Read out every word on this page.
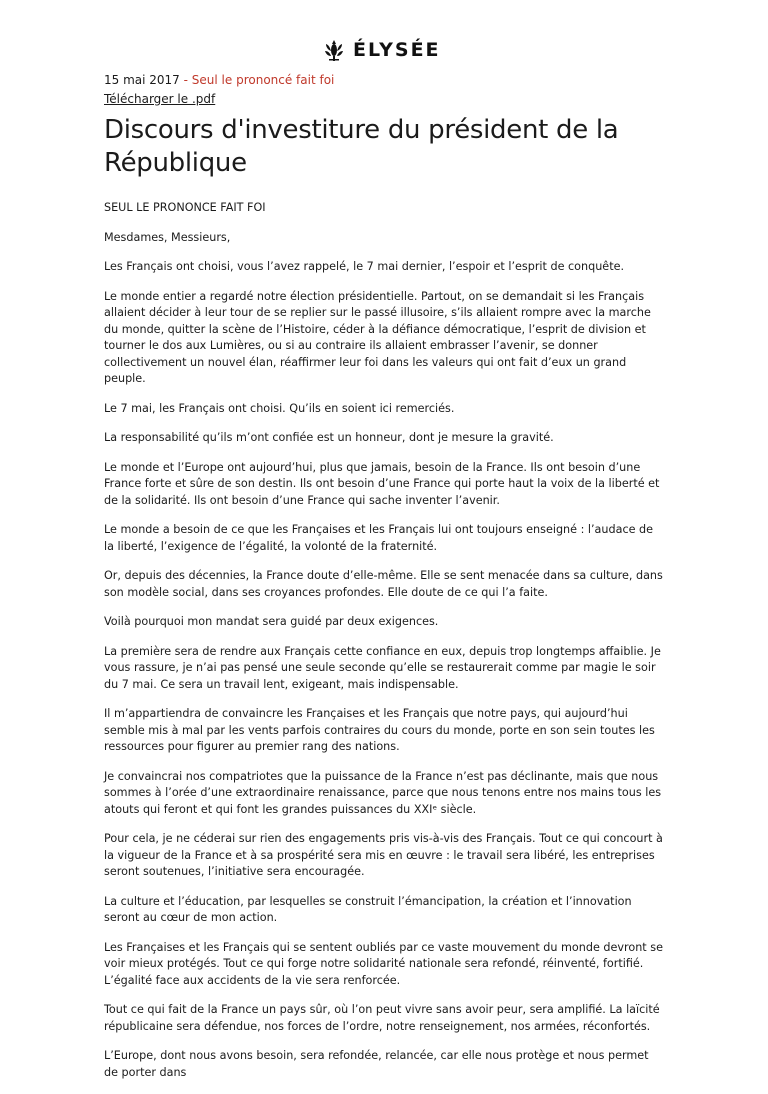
ÉLYSÉE
15 mai 2017 - Seul le prononcé fait foi
Télécharger le .pdf
Discours d'investiture du président de la République

SEUL LE PRONONCE FAIT FOI

Mesdames, Messieurs,

Les Français ont choisi, vous l’avez rappelé, le 7 mai dernier, l’espoir et l’esprit de conquête.

Le monde entier a regardé notre élection présidentielle. Partout, on se demandait si les Français allaient décider à leur tour de se replier sur le passé illusoire, s’ils allaient rompre avec la marche du monde, quitter la scène de l’Histoire, céder à la défiance démocratique, l’esprit de division et tourner le dos aux Lumières, ou si au contraire ils allaient embrasser l’avenir, se donner collectivement un nouvel élan, réaffirmer leur foi dans les valeurs qui ont fait d’eux un grand peuple.

Le 7 mai, les Français ont choisi. Qu’ils en soient ici remerciés.

La responsabilité qu’ils m’ont confiée est un honneur, dont je mesure la gravité.

Le monde et l’Europe ont aujourd’hui, plus que jamais, besoin de la France. Ils ont besoin d’une France forte et sûre de son destin. Ils ont besoin d’une France qui porte haut la voix de la liberté et de la solidarité. Ils ont besoin d’une France qui sache inventer l’avenir.

Le monde a besoin de ce que les Françaises et les Français lui ont toujours enseigné : l’audace de la liberté, l’exigence de l’égalité, la volonté de la fraternité.

Or, depuis des décennies, la France doute d’elle-même. Elle se sent menacée dans sa culture, dans son modèle social, dans ses croyances profondes. Elle doute de ce qui l’a faite.

Voilà pourquoi mon mandat sera guidé par deux exigences.

La première sera de rendre aux Français cette confiance en eux, depuis trop longtemps affaiblie. Je vous rassure, je n’ai pas pensé une seule seconde qu’elle se restaurerait comme par magie le soir du 7 mai. Ce sera un travail lent, exigeant, mais indispensable.

Il m’appartiendra de convaincre les Françaises et les Français que notre pays, qui aujourd’hui semble mis à mal par les vents parfois contraires du cours du monde, porte en son sein toutes les ressources pour figurer au premier rang des nations.

Je convaincrai nos compatriotes que la puissance de la France n’est pas déclinante, mais que nous sommes à l’orée d’une extraordinaire renaissance, parce que nous tenons entre nos mains tous les atouts qui feront et qui font les grandes puissances du XXIᵉ siècle.

Pour cela, je ne céderai sur rien des engagements pris vis-à-vis des Français. Tout ce qui concourt à la vigueur de la France et à sa prospérité sera mis en œuvre : le travail sera libéré, les entreprises seront soutenues, l’initiative sera encouragée.

La culture et l’éducation, par lesquelles se construit l’émancipation, la création et l’innovation seront au cœur de mon action.

Les Françaises et les Français qui se sentent oubliés par ce vaste mouvement du monde devront se voir mieux protégés. Tout ce qui forge notre solidarité nationale sera refondé, réinventé, fortifié. L’égalité face aux accidents de la vie sera renforcée.

Tout ce qui fait de la France un pays sûr, où l’on peut vivre sans avoir peur, sera amplifié. La laïcité républicaine sera défendue, nos forces de l’ordre, notre renseignement, nos armées, réconfortés.

L’Europe, dont nous avons besoin, sera refondée, relancée, car elle nous protège et nous permet de porter dans
